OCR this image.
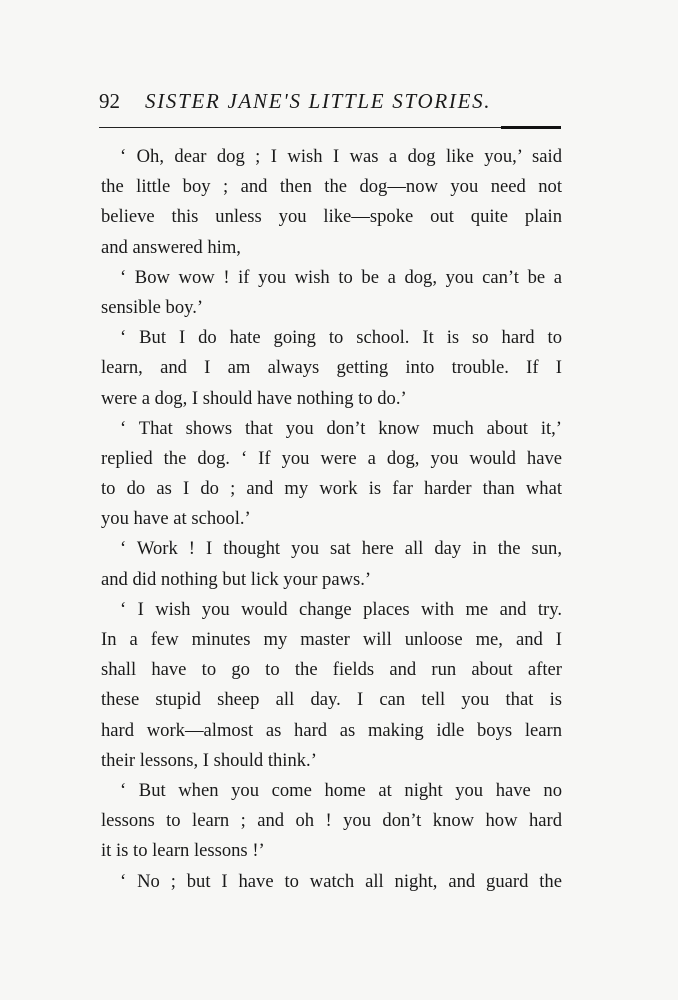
92 SISTER JANE'S LITTLE STORIES.
‘ Oh, dear dog ; I wish I was a dog like you,’ said
the little boy ; and then the dog—now you need not
believe this unless you like—spoke out quite plain
and answered him,
‘ Bow wow ! if you wish to be a dog, you can’t be a
sensible boy.’
‘ But I do hate going to school. It is so hard to
learn, and I am always getting into trouble. If I
were a dog, I should have nothing to do.’
‘ That shows that you don’t know much about it,’
replied the dog. ‘ If you were a dog, you would have
to do as I do ; and my work is far harder than what
you have at school.’
‘ Work ! I thought you sat here all day in the sun,
and did nothing but lick your paws.’
‘ I wish you would change places with me and try.
In a few minutes my master will unloose me, and I
shall have to go to the fields and run about after
these stupid sheep all day. I can tell you that is
hard work—almost as hard as making idle boys learn
their lessons, I should think.’
‘ But when you come home at night you have no
lessons to learn ; and oh ! you don’t know how hard
it is to learn lessons !’
‘ No ; but I have to watch all night, and guard the
